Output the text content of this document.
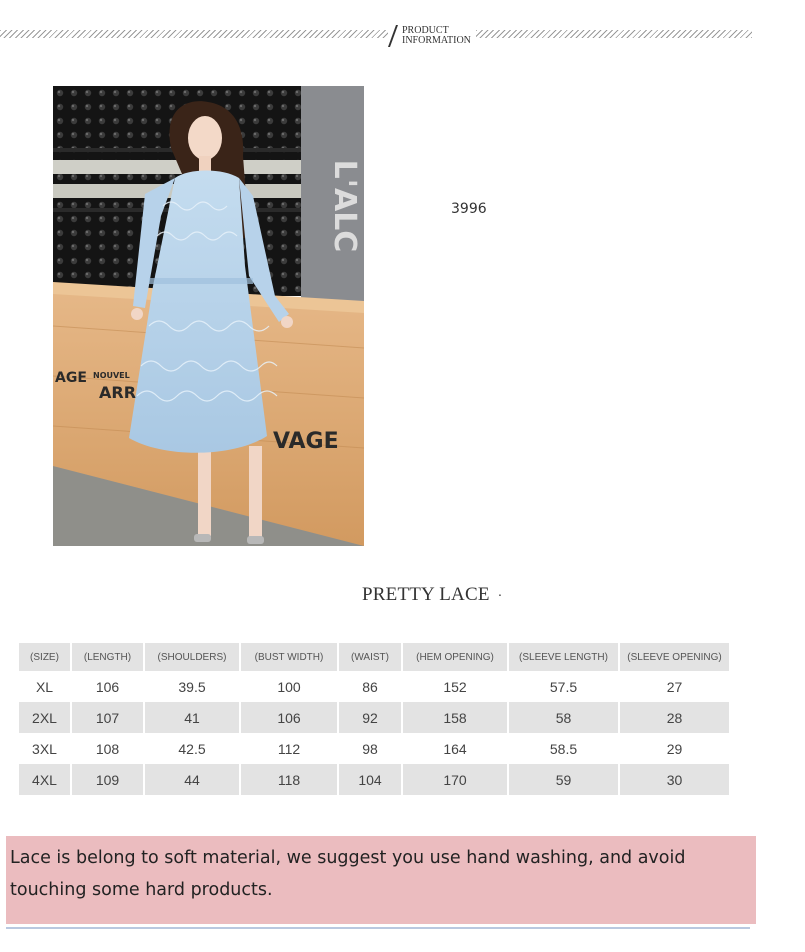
PRODUCT
INFORMATION
L'ALC
AGE NOUVEL
ARR
VAGE
3996
PRETTY LACE ·
(SIZE)	(LENGTH)	(SHOULDERS)	(BUST WIDTH)	(WAIST)	(HEM OPENING)	(SLEEVE LENGTH)	(SLEEVE OPENING)
XL	106	39.5	100	86	152	57.5	27
2XL	107	41	106	92	158	58	28
3XL	108	42.5	112	98	164	58.5	29
4XL	109	44	118	104	170	59	30
Lace is belong to soft material, we suggest you use hand washing, and avoid touching some hard products.
